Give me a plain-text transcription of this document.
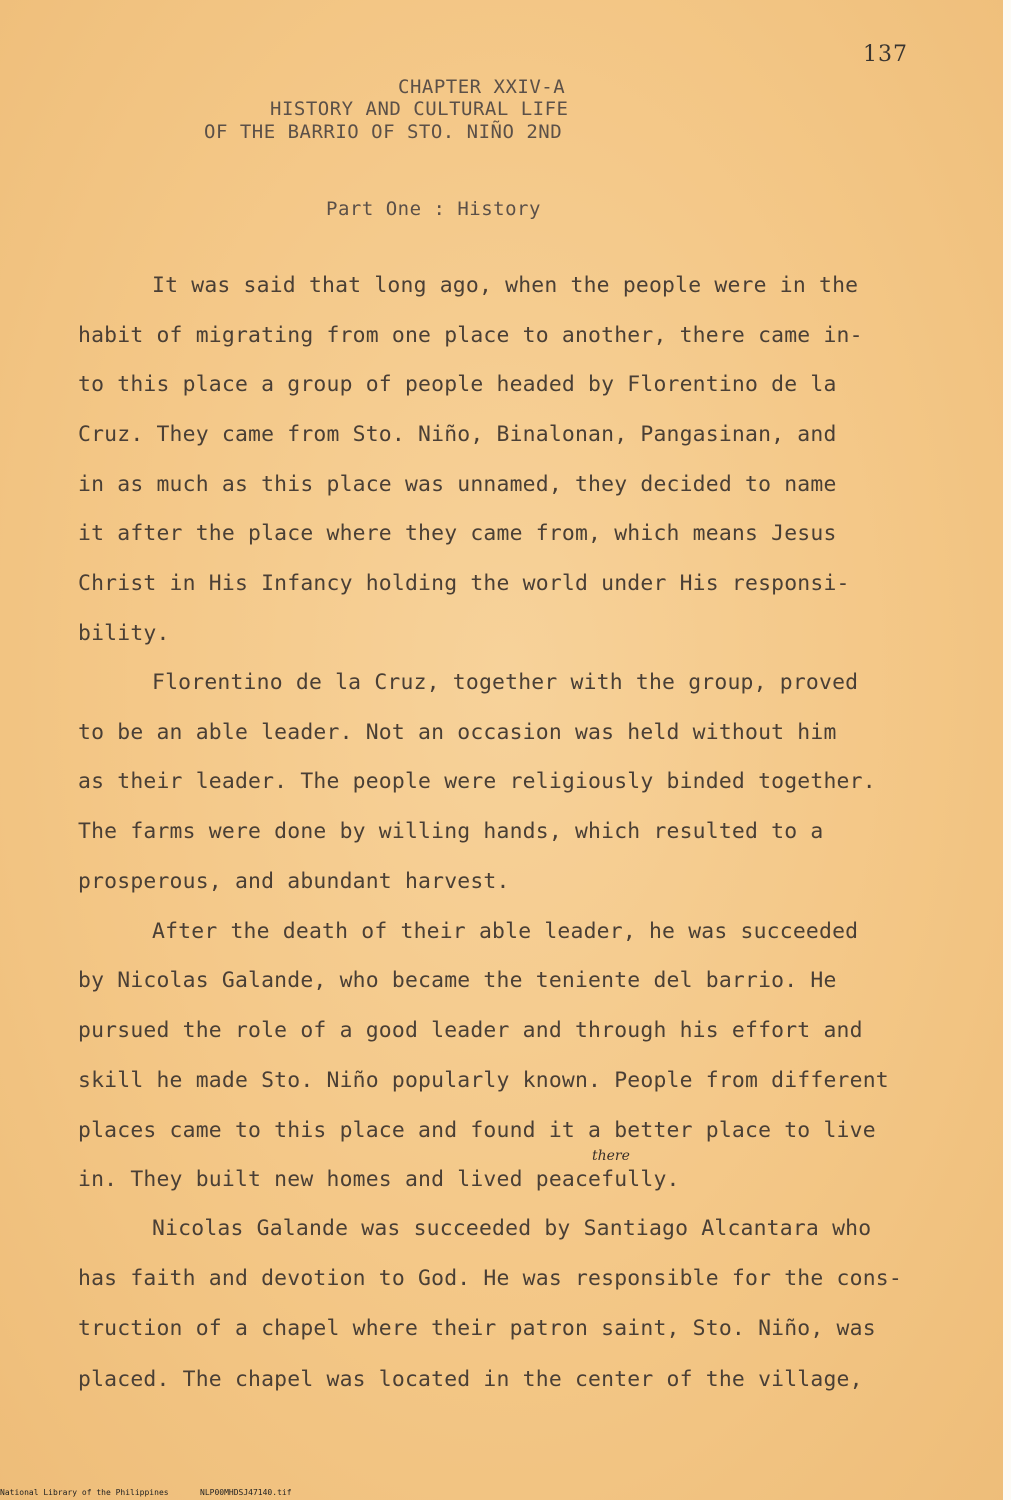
137
CHAPTER XXIV-A
HISTORY AND CULTURAL LIFE
OF THE BARRIO OF STO. NIÑO 2ND
Part One : History
It was said that long ago, when the people were in the
habit of migrating from one place to another, there came in-
to this place a group of people headed by Florentino de la
Cruz. They came from Sto. Niño, Binalonan, Pangasinan, and
in as much as this place was unnamed, they decided to name
it after the place where they came from, which means Jesus
Christ in His Infancy holding the world under His responsi-
bility.
Florentino de la Cruz, together with the group, proved
to be an able leader. Not an occasion was held without him
as their leader. The people were religiously binded together.
The farms were done by willing hands, which resulted to a
prosperous, and abundant harvest.
After the death of their able leader, he was succeeded
by Nicolas Galande, who became the teniente del barrio. He
pursued the role of a good leader and through his effort and
skill he made Sto. Niño popularly known. People from different
places came to this place and found it a better place to live
in. They built new homes and lived peacefully.
there
Nicolas Galande was succeeded by Santiago Alcantara who
has faith and devotion to God. He was responsible for the cons-
truction of a chapel where their patron saint, Sto. Niño, was
placed. The chapel was located in the center of the village,
National Library of the Philippines	NLP00MHDSJ47140.tif
